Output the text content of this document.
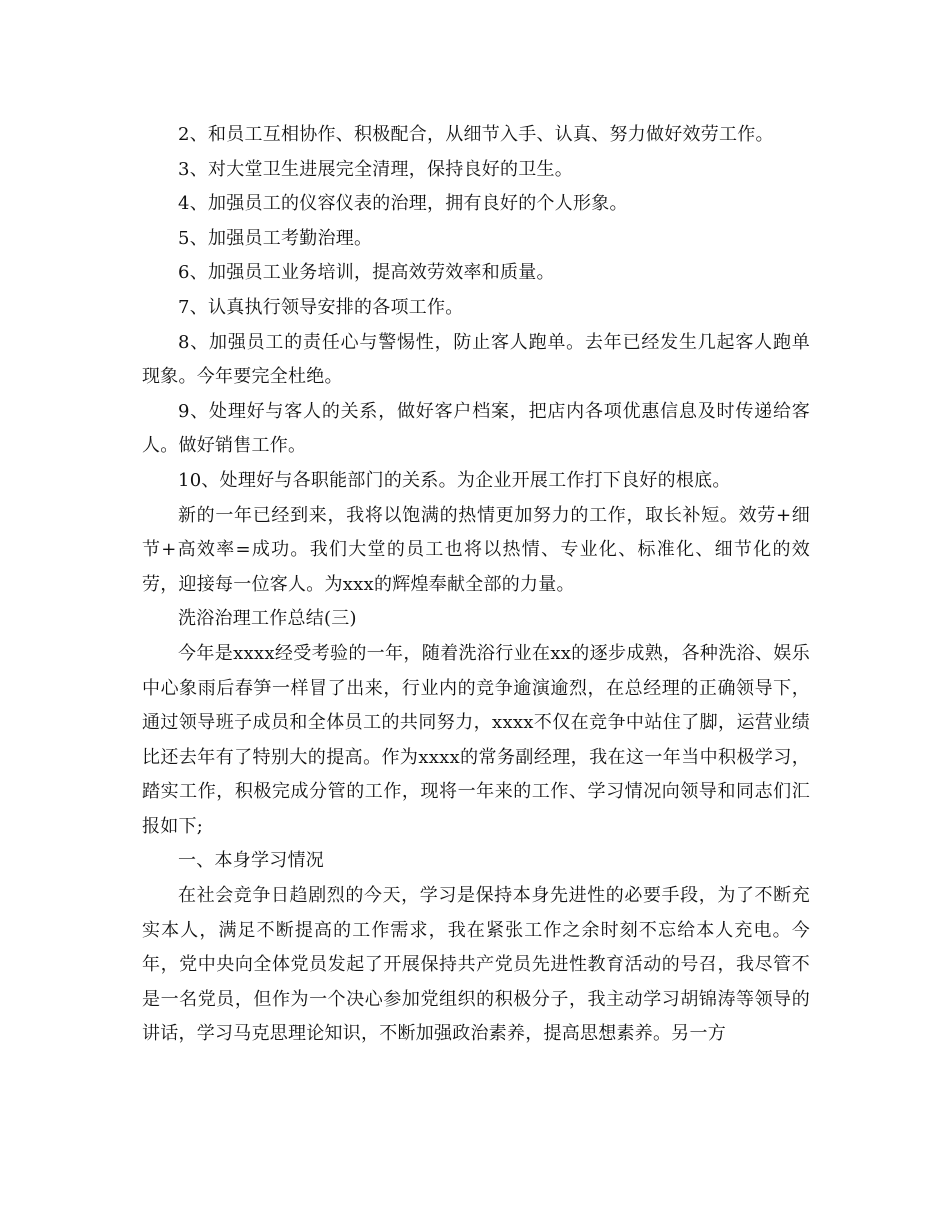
2、和员工互相协作、积极配合，从细节入手、认真、努力做好效劳工作。

3、对大堂卫生进展完全清理，保持良好的卫生。

4、加强员工的仪容仪表的治理，拥有良好的个人形象。

5、加强员工考勤治理。

6、加强员工业务培训，提高效劳效率和质量。

7、认真执行领导安排的各项工作。

8、加强员工的责任心与警惕性，防止客人跑单。去年已经发生几起客人跑单现象。今年要完全杜绝。

9、处理好与客人的关系，做好客户档案，把店内各项优惠信息及时传递给客人。做好销售工作。

10、处理好与各职能部门的关系。为企业开展工作打下良好的根底。

新的一年已经到来，我将以饱满的热情更加努力的工作，取长补短。效劳+细节+高效率=成功。我们大堂的员工也将以热情、专业化、标准化、细节化的效劳，迎接每一位客人。为xxx的辉煌奉献全部的力量。

洗浴治理工作总结(三)

今年是xxxx经受考验的一年，随着洗浴行业在xx的逐步成熟，各种洗浴、娱乐中心象雨后春笋一样冒了出来，行业内的竞争逾演逾烈，在总经理的正确领导下，通过领导班子成员和全体员工的共同努力，xxxx不仅在竞争中站住了脚，运营业绩比还去年有了特别大的提高。作为xxxx的常务副经理，我在这一年当中积极学习，踏实工作，积极完成分管的工作，现将一年来的工作、学习情况向领导和同志们汇报如下;

一、本身学习情况

在社会竞争日趋剧烈的今天，学习是保持本身先进性的必要手段，为了不断充实本人，满足不断提高的工作需求，我在紧张工作之余时刻不忘给本人充电。今年，党中央向全体党员发起了开展保持共产党员先进性教育活动的号召，我尽管不是一名党员，但作为一个决心参加党组织的积极分子，我主动学习胡锦涛等领导的讲话，学习马克思理论知识，不断加强政治素养，提高思想素养。另一方
